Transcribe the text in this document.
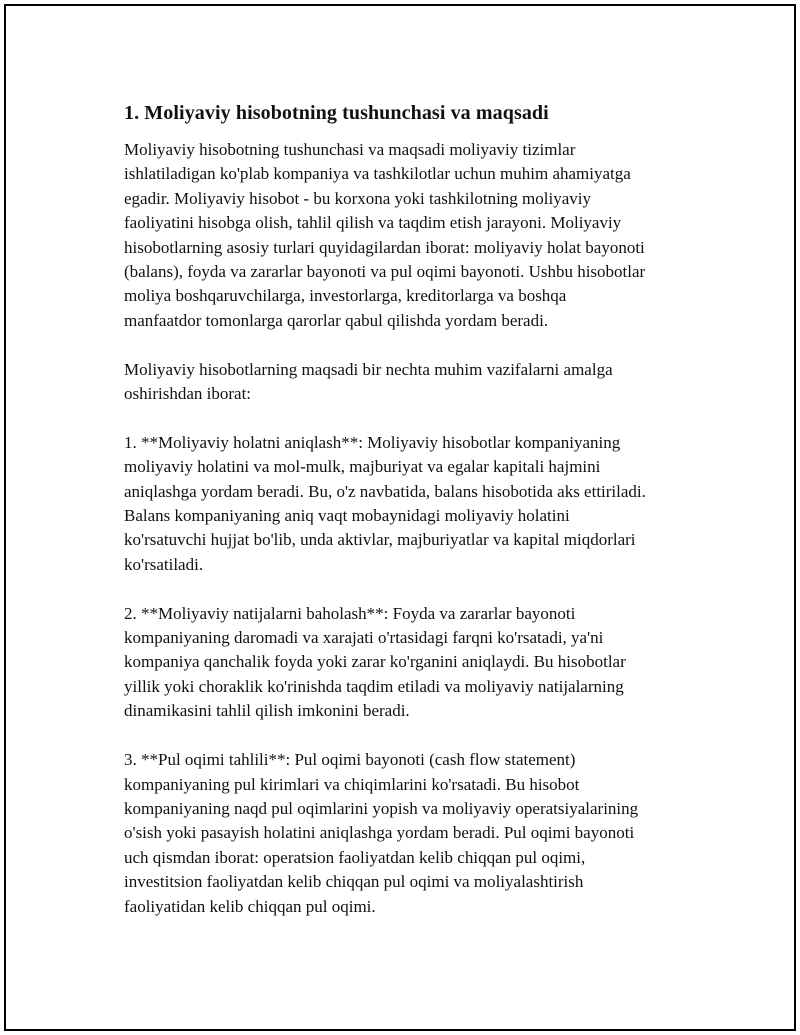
1. Moliyaviy hisobotning tushunchasi va maqsadi

Moliyaviy hisobotning tushunchasi va maqsadi moliyaviy tizimlar
ishlatiladigan ko'plab kompaniya va tashkilotlar uchun muhim ahamiyatga
egadir. Moliyaviy hisobot - bu korxona yoki tashkilotning moliyaviy
faoliyatini hisobga olish, tahlil qilish va taqdim etish jarayoni. Moliyaviy
hisobotlarning asosiy turlari quyidagilardan iborat: moliyaviy holat bayonoti
(balans), foyda va zararlar bayonoti va pul oqimi bayonoti. Ushbu hisobotlar
moliya boshqaruvchilarga, investorlarga, kreditorlarga va boshqa
manfaatdor tomonlarga qarorlar qabul qilishda yordam beradi.

Moliyaviy hisobotlarning maqsadi bir nechta muhim vazifalarni amalga
oshirishdan iborat:

1. **Moliyaviy holatni aniqlash**: Moliyaviy hisobotlar kompaniyaning
moliyaviy holatini va mol-mulk, majburiyat va egalar kapitali hajmini
aniqlashga yordam beradi. Bu, o'z navbatida, balans hisobotida aks ettiriladi.
Balans kompaniyaning aniq vaqt mobaynidagi moliyaviy holatini
ko'rsatuvchi hujjat bo'lib, unda aktivlar, majburiyatlar va kapital miqdorlari
ko'rsatiladi.

2. **Moliyaviy natijalarni baholash**: Foyda va zararlar bayonoti
kompaniyaning daromadi va xarajati o'rtasidagi farqni ko'rsatadi, ya'ni
kompaniya qanchalik foyda yoki zarar ko'rganini aniqlaydi. Bu hisobotlar
yillik yoki choraklik ko'rinishda taqdim etiladi va moliyaviy natijalarning
dinamikasini tahlil qilish imkonini beradi.

3. **Pul oqimi tahlili**: Pul oqimi bayonoti (cash flow statement)
kompaniyaning pul kirimlari va chiqimlarini ko'rsatadi. Bu hisobot
kompaniyaning naqd pul oqimlarini yopish va moliyaviy operatsiyalarining
o'sish yoki pasayish holatini aniqlashga yordam beradi. Pul oqimi bayonoti
uch qismdan iborat: operatsion faoliyatdan kelib chiqqan pul oqimi,
investitsion faoliyatdan kelib chiqqan pul oqimi va moliyalashtirish
faoliyatidan kelib chiqqan pul oqimi.
